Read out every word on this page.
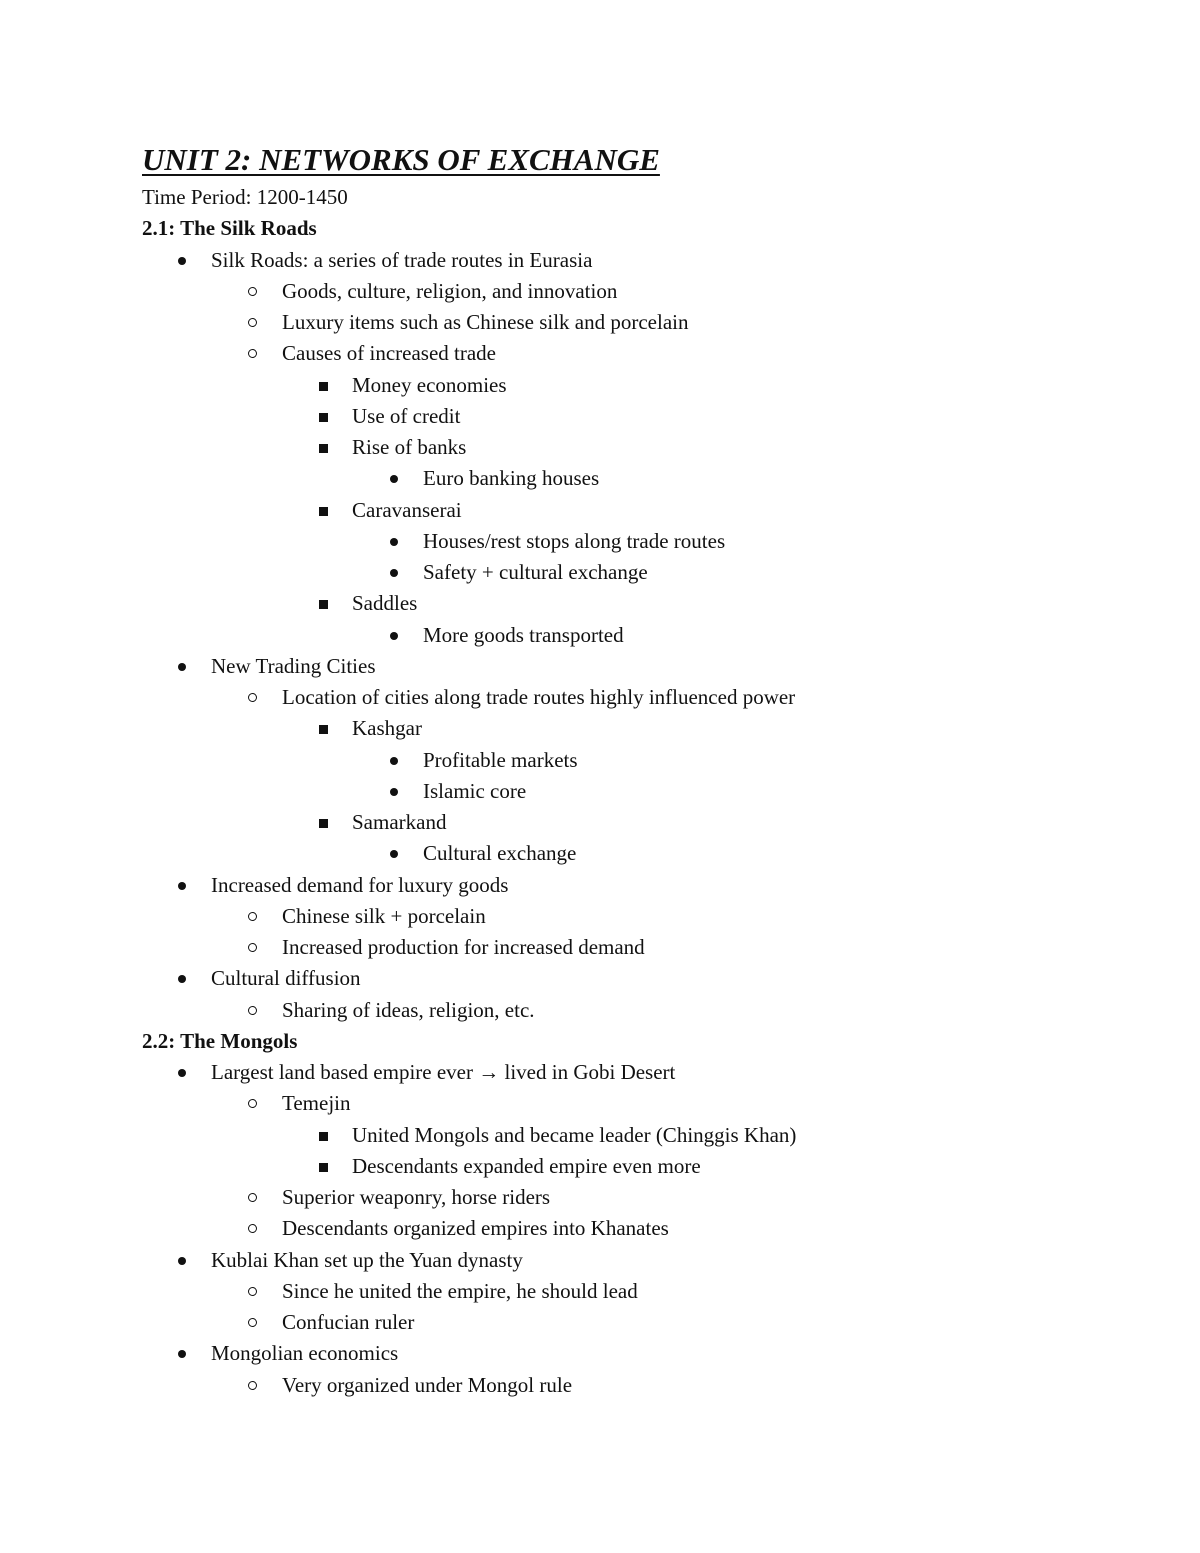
UNIT 2: NETWORKS OF EXCHANGE
Time Period: 1200-1450
2.1: The Silk Roads
Silk Roads: a series of trade routes in Eurasia
Goods, culture, religion, and innovation
Luxury items such as Chinese silk and porcelain
Causes of increased trade
Money economies
Use of credit
Rise of banks
Euro banking houses
Caravanserai
Houses/rest stops along trade routes
Safety + cultural exchange
Saddles
More goods transported
New Trading Cities
Location of cities along trade routes highly influenced power
Kashgar
Profitable markets
Islamic core
Samarkand
Cultural exchange
Increased demand for luxury goods
Chinese silk + porcelain
Increased production for increased demand
Cultural diffusion
Sharing of ideas, religion, etc.
2.2: The Mongols
Largest land based empire ever → lived in Gobi Desert
Temejin
United Mongols and became leader (Chinggis Khan)
Descendants expanded empire even more
Superior weaponry, horse riders
Descendants organized empires into Khanates
Kublai Khan set up the Yuan dynasty
Since he united the empire, he should lead
Confucian ruler
Mongolian economics
Very organized under Mongol rule
